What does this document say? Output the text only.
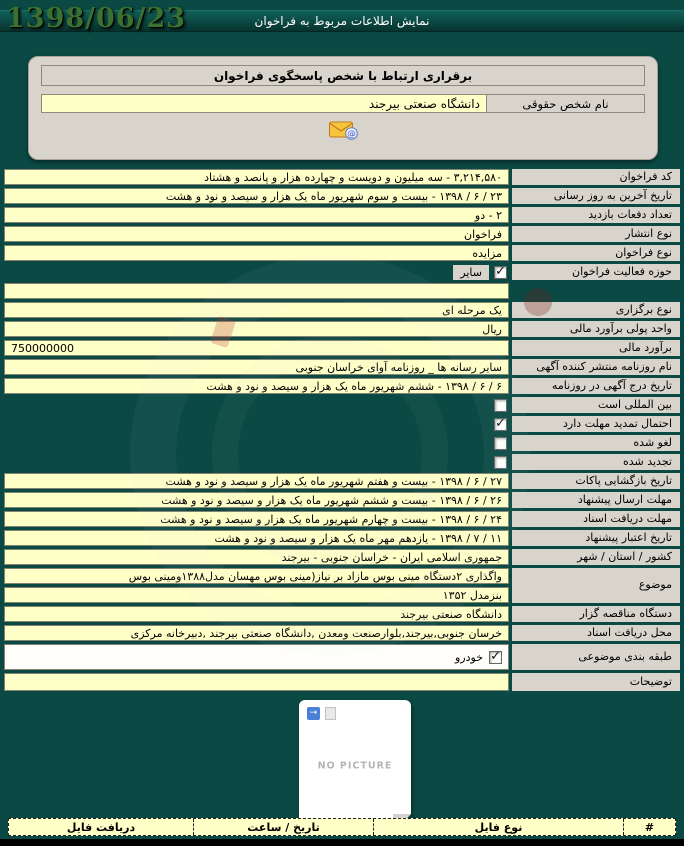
نمایش اطلاعات مربوط به فراخوان
1398/06/23
برقراری ارتباط با شخص پاسخگوی فراخوان
نام شخص حقوقی
دانشگاه صنعتی بیرجند
@
کد فراخوان
۳,۲۱۴,۵۸۰ - سه میلیون و دویست و چهارده هزار و پانصد و هشتاد
تاریخ آخرین به روز رسانی
۲۳ / ۶ / ۱۳۹۸ - بیست و سوم شهریور ماه یک هزار و سیصد و نود و هشت
تعداد دفعات بازدید
۲ - دو
نوع انتشار
فراخوان
نوع فراخوان
مزایده
حوزه فعالیت فراخوان
✓
سایر
نوع برگزاری
یک مرحله ای
واحد پولی برآورد مالی
ریال
برآورد مالی
750000000
نام روزنامه منتشر کننده آگهی
سایر رسانه ها _ روزنامه آوای خراسان جنوبی
تاریخ درج آگهی در روزنامه
۶ / ۶ / ۱۳۹۸ - ششم شهریور ماه یک هزار و سیصد و نود و هشت
بین المللی است
احتمال تمدید مهلت دارد
✓
لغو شده
تجدید شده
تاریخ بازگشایی پاکات
۲۷ / ۶ / ۱۳۹۸ - بیست و هفتم شهریور ماه یک هزار و سیصد و نود و هشت
مهلت ارسال پیشنهاد
۲۶ / ۶ / ۱۳۹۸ - بیست و ششم شهریور ماه یک هزار و سیصد و نود و هشت
مهلت دریافت اسناد
۲۴ / ۶ / ۱۳۹۸ - بیست و چهارم شهریور ماه یک هزار و سیصد و نود و هشت
تاریخ اعتبار پیشنهاد
۱۱ / ۷ / ۱۳۹۸ - یازدهم مهر ماه یک هزار و سیصد و نود و هشت
کشور / استان / شهر
جمهوری اسلامی ایران - خراسان جنوبی - بیرجند
موضوع
واگذاری ۲دستگاه مینی بوس مازاد بر نیاز(مینی بوس مهسان مدل۱۳۸۸ومینی بوس
بنزمدل ۱۳۵۲
دستگاه مناقصه گزار
دانشگاه صنعتی بیرجند
محل دریافت اسناد
خرسان جنوبی,بیرجند,بلوارصنعت ومعدن ,دانشگاه صنعتی بیرجند ,دبیرخانه مرکزی
طبقه بندی موضوعی
✓
خودرو
توضیحات
→
NO PICTURE
#
نوع فایل
تاریخ / ساعت
دریافت فایل
